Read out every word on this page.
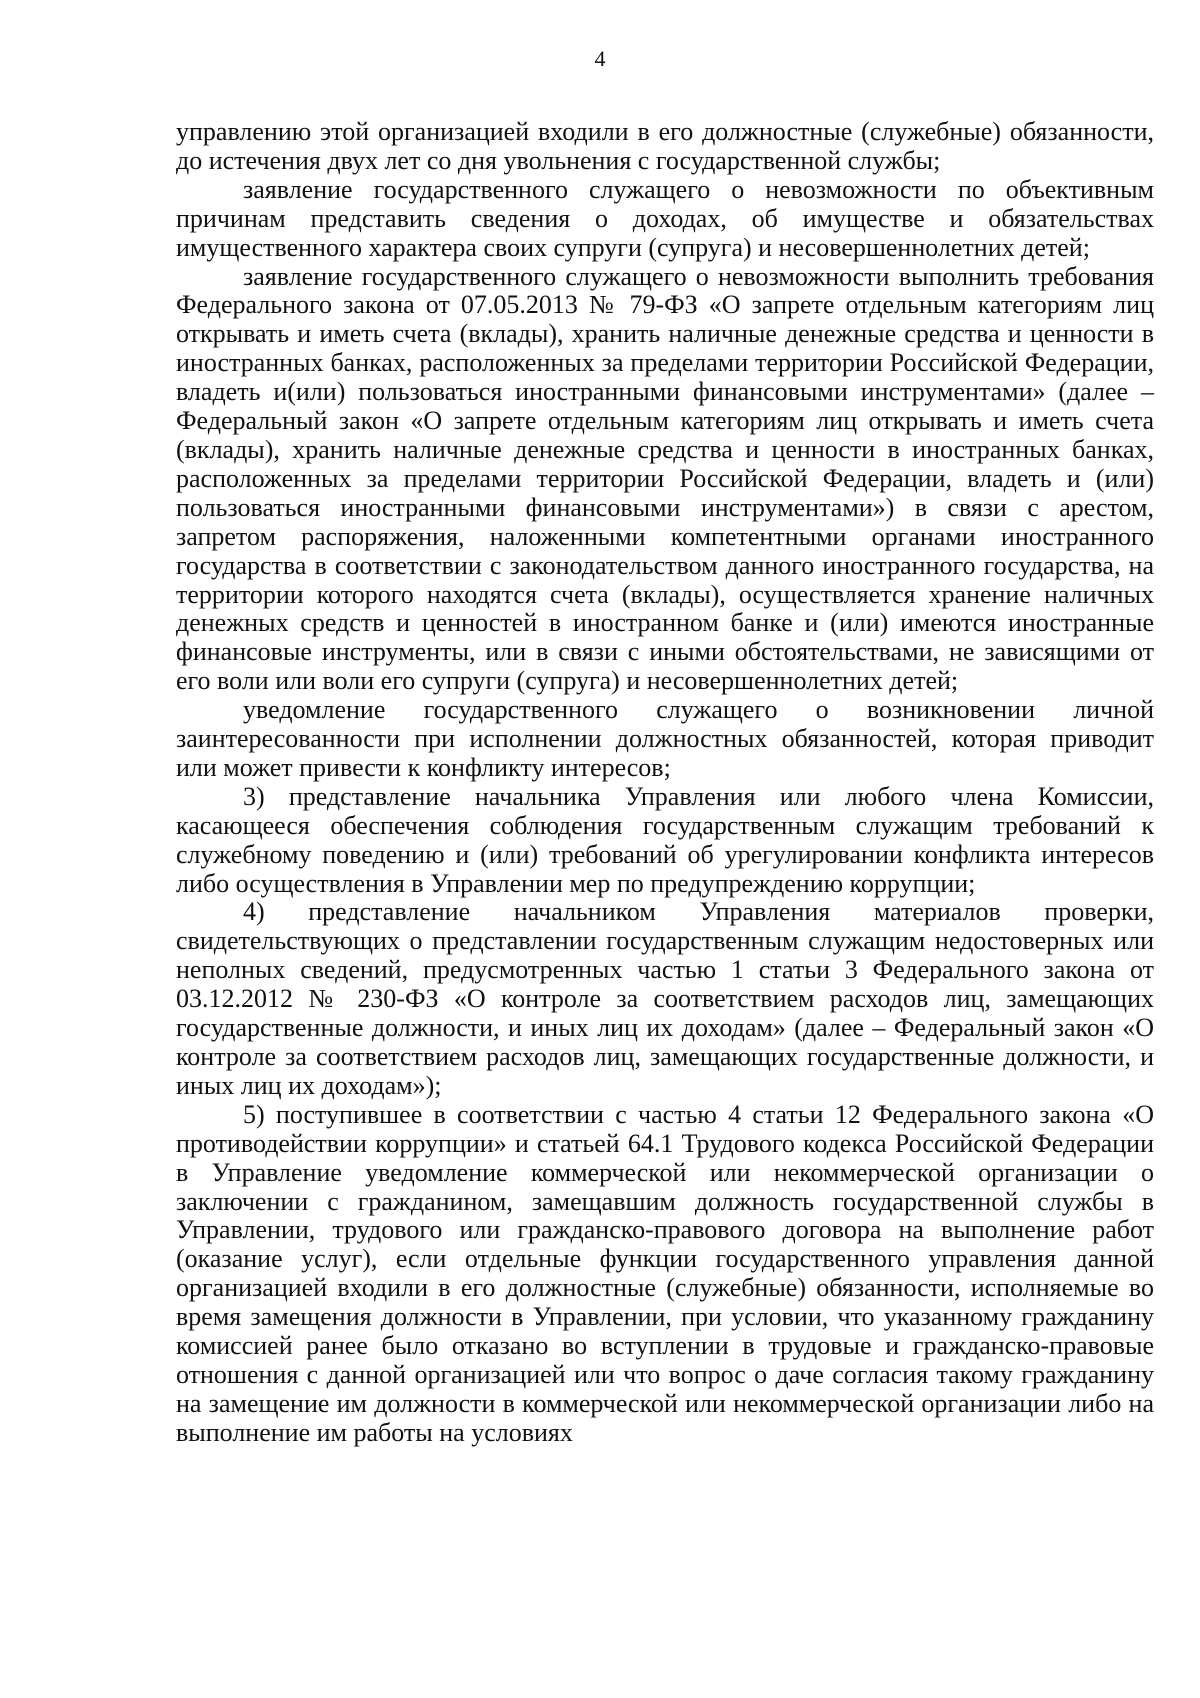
4

управлению этой организацией входили в его должностные (служебные) обязанности, до истечения двух лет со дня увольнения с государственной службы;

заявление государственного служащего о невозможности по объективным причинам представить сведения о доходах, об имуществе и обязательствах имущественного характера своих супруги (супруга) и несовершеннолетних детей;

заявление государственного служащего о невозможности выполнить требования Федерального закона от 07.05.2013 № 79-ФЗ «О запрете отдельным категориям лиц открывать и иметь счета (вклады), хранить наличные денежные средства и ценности в иностранных банках, расположенных за пределами территории Российской Федерации, владеть и(или) пользоваться иностранными финансовыми инструментами» (далее – Федеральный закон «О запрете отдельным категориям лиц открывать и иметь счета (вклады), хранить наличные денежные средства и ценности в иностранных банках, расположенных за пределами территории Российской Федерации, владеть и (или) пользоваться иностранными финансовыми инструментами») в связи с арестом, запретом распоряжения, наложенными компетентными органами иностранного государства в соответствии с законодательством данного иностранного государства, на территории которого находятся счета (вклады), осуществляется хранение наличных денежных средств и ценностей в иностранном банке и (или) имеются иностранные финансовые инструменты, или в связи с иными обстоятельствами, не зависящими от его воли или воли его супруги (супруга) и несовершеннолетних детей;

уведомление государственного служащего о возникновении личной заинтересованности при исполнении должностных обязанностей, которая приводит или может привести к конфликту интересов;

3) представление начальника Управления или любого члена Комиссии, касающееся обеспечения соблюдения государственным служащим требований к служебному поведению и (или) требований об урегулировании конфликта интересов либо осуществления в Управлении мер по предупреждению коррупции;

4) представление начальником Управления материалов проверки, свидетельствующих о представлении государственным служащим недостоверных или неполных сведений, предусмотренных частью 1 статьи 3 Федерального закона от 03.12.2012 № 230-ФЗ «О контроле за соответствием расходов лиц, замещающих государственные должности, и иных лиц их доходам» (далее – Федеральный закон «О контроле за соответствием расходов лиц, замещающих государственные должности, и иных лиц их доходам»);

5) поступившее в соответствии с частью 4 статьи 12 Федерального закона «О противодействии коррупции» и статьей 64.1 Трудового кодекса Российской Федерации в Управление уведомление коммерческой или некоммерческой организации о заключении с гражданином, замещавшим должность государственной службы в Управлении, трудового или гражданско-правового договора на выполнение работ (оказание услуг), если отдельные функции государственного управления данной организацией входили в его должностные (служебные) обязанности, исполняемые во время замещения должности в Управлении, при условии, что указанному гражданину комиссией ранее было отказано во вступлении в трудовые и гражданско-правовые отношения с данной организацией или что вопрос о даче согласия такому гражданину на замещение им должности в коммерческой или некоммерческой организации либо на выполнение им работы на условиях
